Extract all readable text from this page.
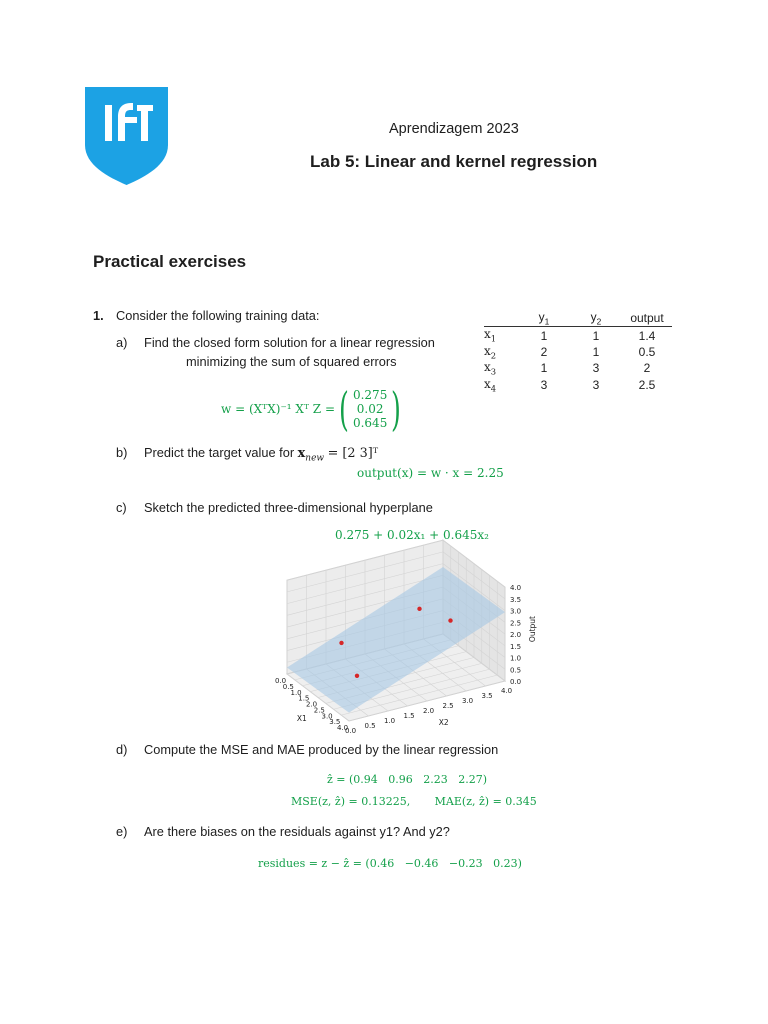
Aprendizagem 2023
Lab 5: Linear and kernel regression
Practical exercises
1. Consider the following training data:
		$y_1$	$y_2$	output
$x_1$	1	1	1.4
$x_2$	2	1	0.5
$x_3$	1	3	2
$x_4$	3	3	2.5
a) Find the closed form solution for a linear regression
minimizing the sum of squared errors
w = (XᵀX)⁻¹ Xᵀ Z =( 0.275
0.02
0.645)
b) Predict the target value for $x_{new} = [2$ 3]ᵀ
output(x) = w · x = 2.25
c) Sketch the predicted three-dimensional hyperplane
0.275 + 0.02x₁ + 0.645x₂
0.0
0.5
1.0
1.5
2.0
2.5
3.0
3.5
4.0
0.0
0.5
1.0
1.5
2.0
2.5
3.0
3.5
4.0
0.0
0.5
1.0
1.5
2.0
2.5
3.0
3.5
4.0
X1	X2
Output
d) Compute the MSE and MAE produced by the linear regression
ẑ = (0.94   0.96   2.23   2.27)
MSE(z, ẑ) = 0.13225,       MAE(z, ẑ) = 0.345
e) Are there biases on the residuals against y1? And y2?
residues = z − ẑ = (0.46   −0.46   −0.23   0.23)
